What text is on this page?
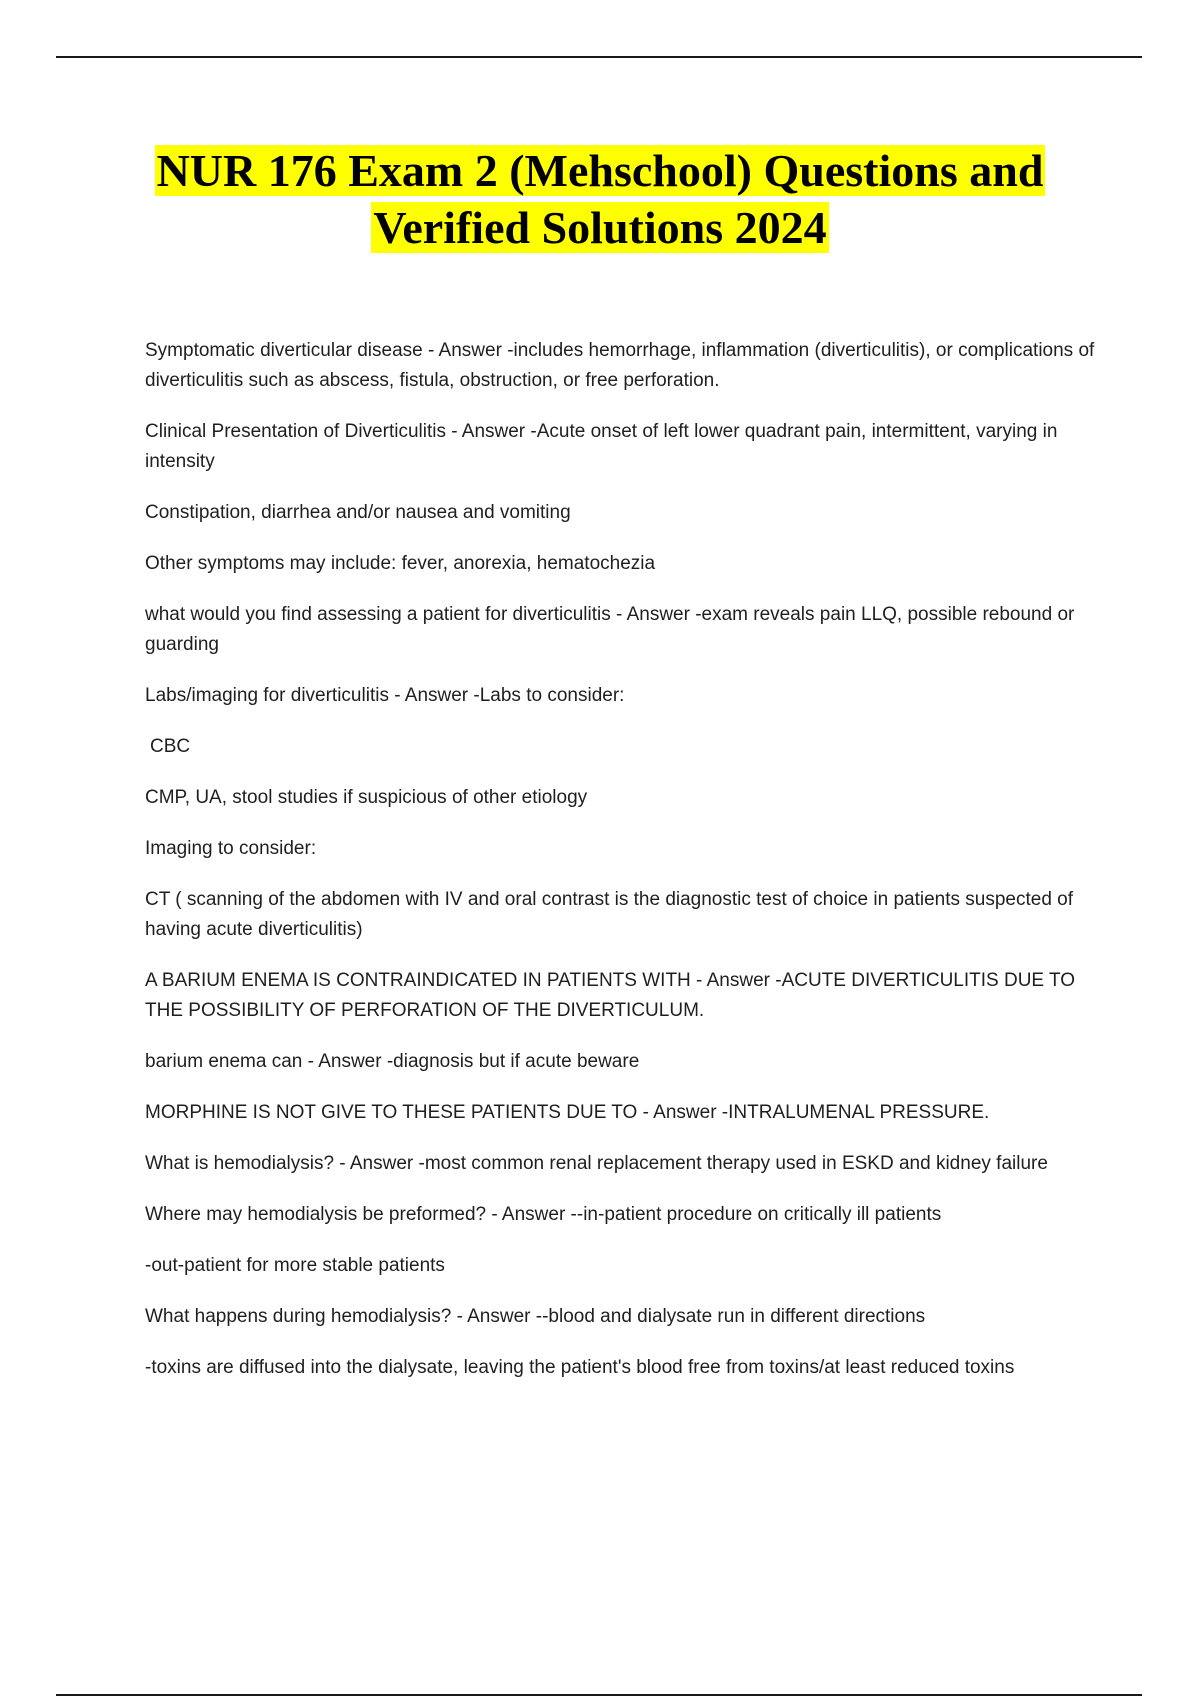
NUR 176 Exam 2 (Mehschool) Questions and
Verified Solutions 2024

Symptomatic diverticular disease - Answer -includes hemorrhage, inflammation (diverticulitis), or complications of diverticulitis such as abscess, fistula, obstruction, or free perforation.

Clinical Presentation of Diverticulitis - Answer -Acute onset of left lower quadrant pain, intermittent, varying in intensity

Constipation, diarrhea and/or nausea and vomiting

Other symptoms may include: fever, anorexia, hematochezia

what would you find assessing a patient for diverticulitis - Answer -exam reveals pain LLQ, possible rebound or guarding

Labs/imaging for diverticulitis - Answer -Labs to consider:

CBC

CMP, UA, stool studies if suspicious of other etiology

Imaging to consider:

CT ( scanning of the abdomen with IV and oral contrast is the diagnostic test of choice in patients suspected of having acute diverticulitis)

A BARIUM ENEMA IS CONTRAINDICATED IN PATIENTS WITH - Answer -ACUTE DIVERTICULITIS DUE TO THE POSSIBILITY OF PERFORATION OF THE DIVERTICULUM.

barium enema can - Answer -diagnosis but if acute beware

MORPHINE IS NOT GIVE TO THESE PATIENTS DUE TO - Answer -INTRALUMENAL PRESSURE.

What is hemodialysis? - Answer -most common renal replacement therapy used in ESKD and kidney failure

Where may hemodialysis be preformed? - Answer --in-patient procedure on critically ill patients

-out-patient for more stable patients

What happens during hemodialysis? - Answer --blood and dialysate run in different directions

-toxins are diffused into the dialysate, leaving the patient's blood free from toxins/at least reduced toxins
